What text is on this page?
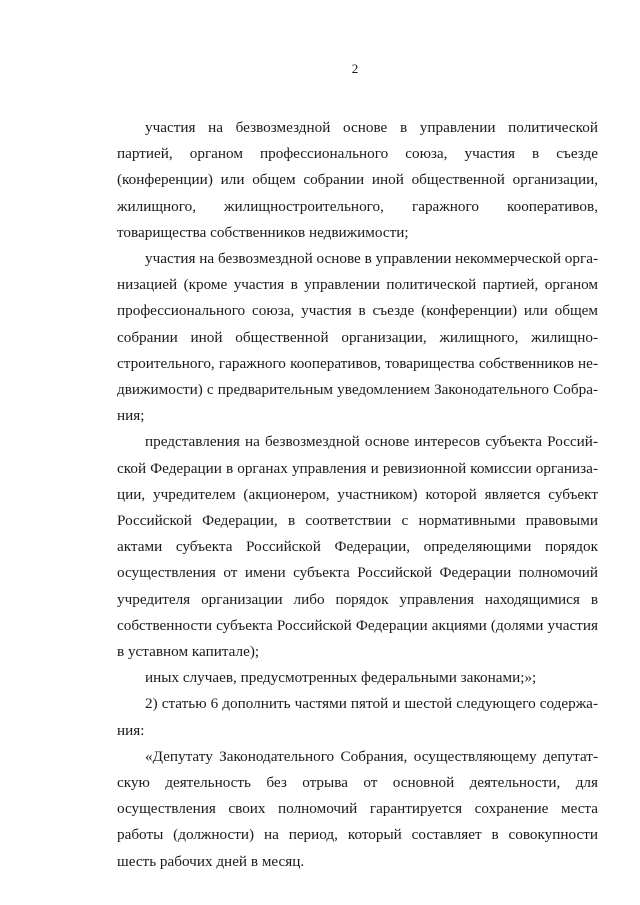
2

участия на безвозмездной основе в управлении политической партией, органом профессионального союза, участия в съезде (конференции) или общем собрании иной общественной организации, жилищного, жилищностроительного, гаражного кооперативов, товарищества собственников недвижимости;

участия на безвозмездной основе в управлении некоммерческой организацией (кроме участия в управлении политической партией, органом профессионального союза, участия в съезде (конференции) или общем собрании иной общественной организации, жилищного, жилищностроительного, гаражного кооперативов, товарищества собственников недвижимости) с предварительным уведомлением Законодательного Собрания;

представления на безвозмездной основе интересов субъекта Российской Федерации в органах управления и ревизионной комиссии организации, учредителем (акционером, участником) которой является субъект Российской Федерации, в соответствии с нормативными правовыми актами субъекта Российской Федерации, определяющими порядок осуществления от имени субъекта Российской Федерации полномочий учредителя организации либо порядок управления находящимися в собственности субъекта Российской Федерации акциями (долями участия в уставном капитале);

иных случаев, предусмотренных федеральными законами;»;

2) статью 6 дополнить частями пятой и шестой следующего содержания:

«Депутату Законодательного Собрания, осуществляющему депутатскую деятельность без отрыва от основной деятельности, для осуществления своих полномочий гарантируется сохранение места работы (должности) на период, который составляет в совокупности шесть рабочих дней в месяц.
